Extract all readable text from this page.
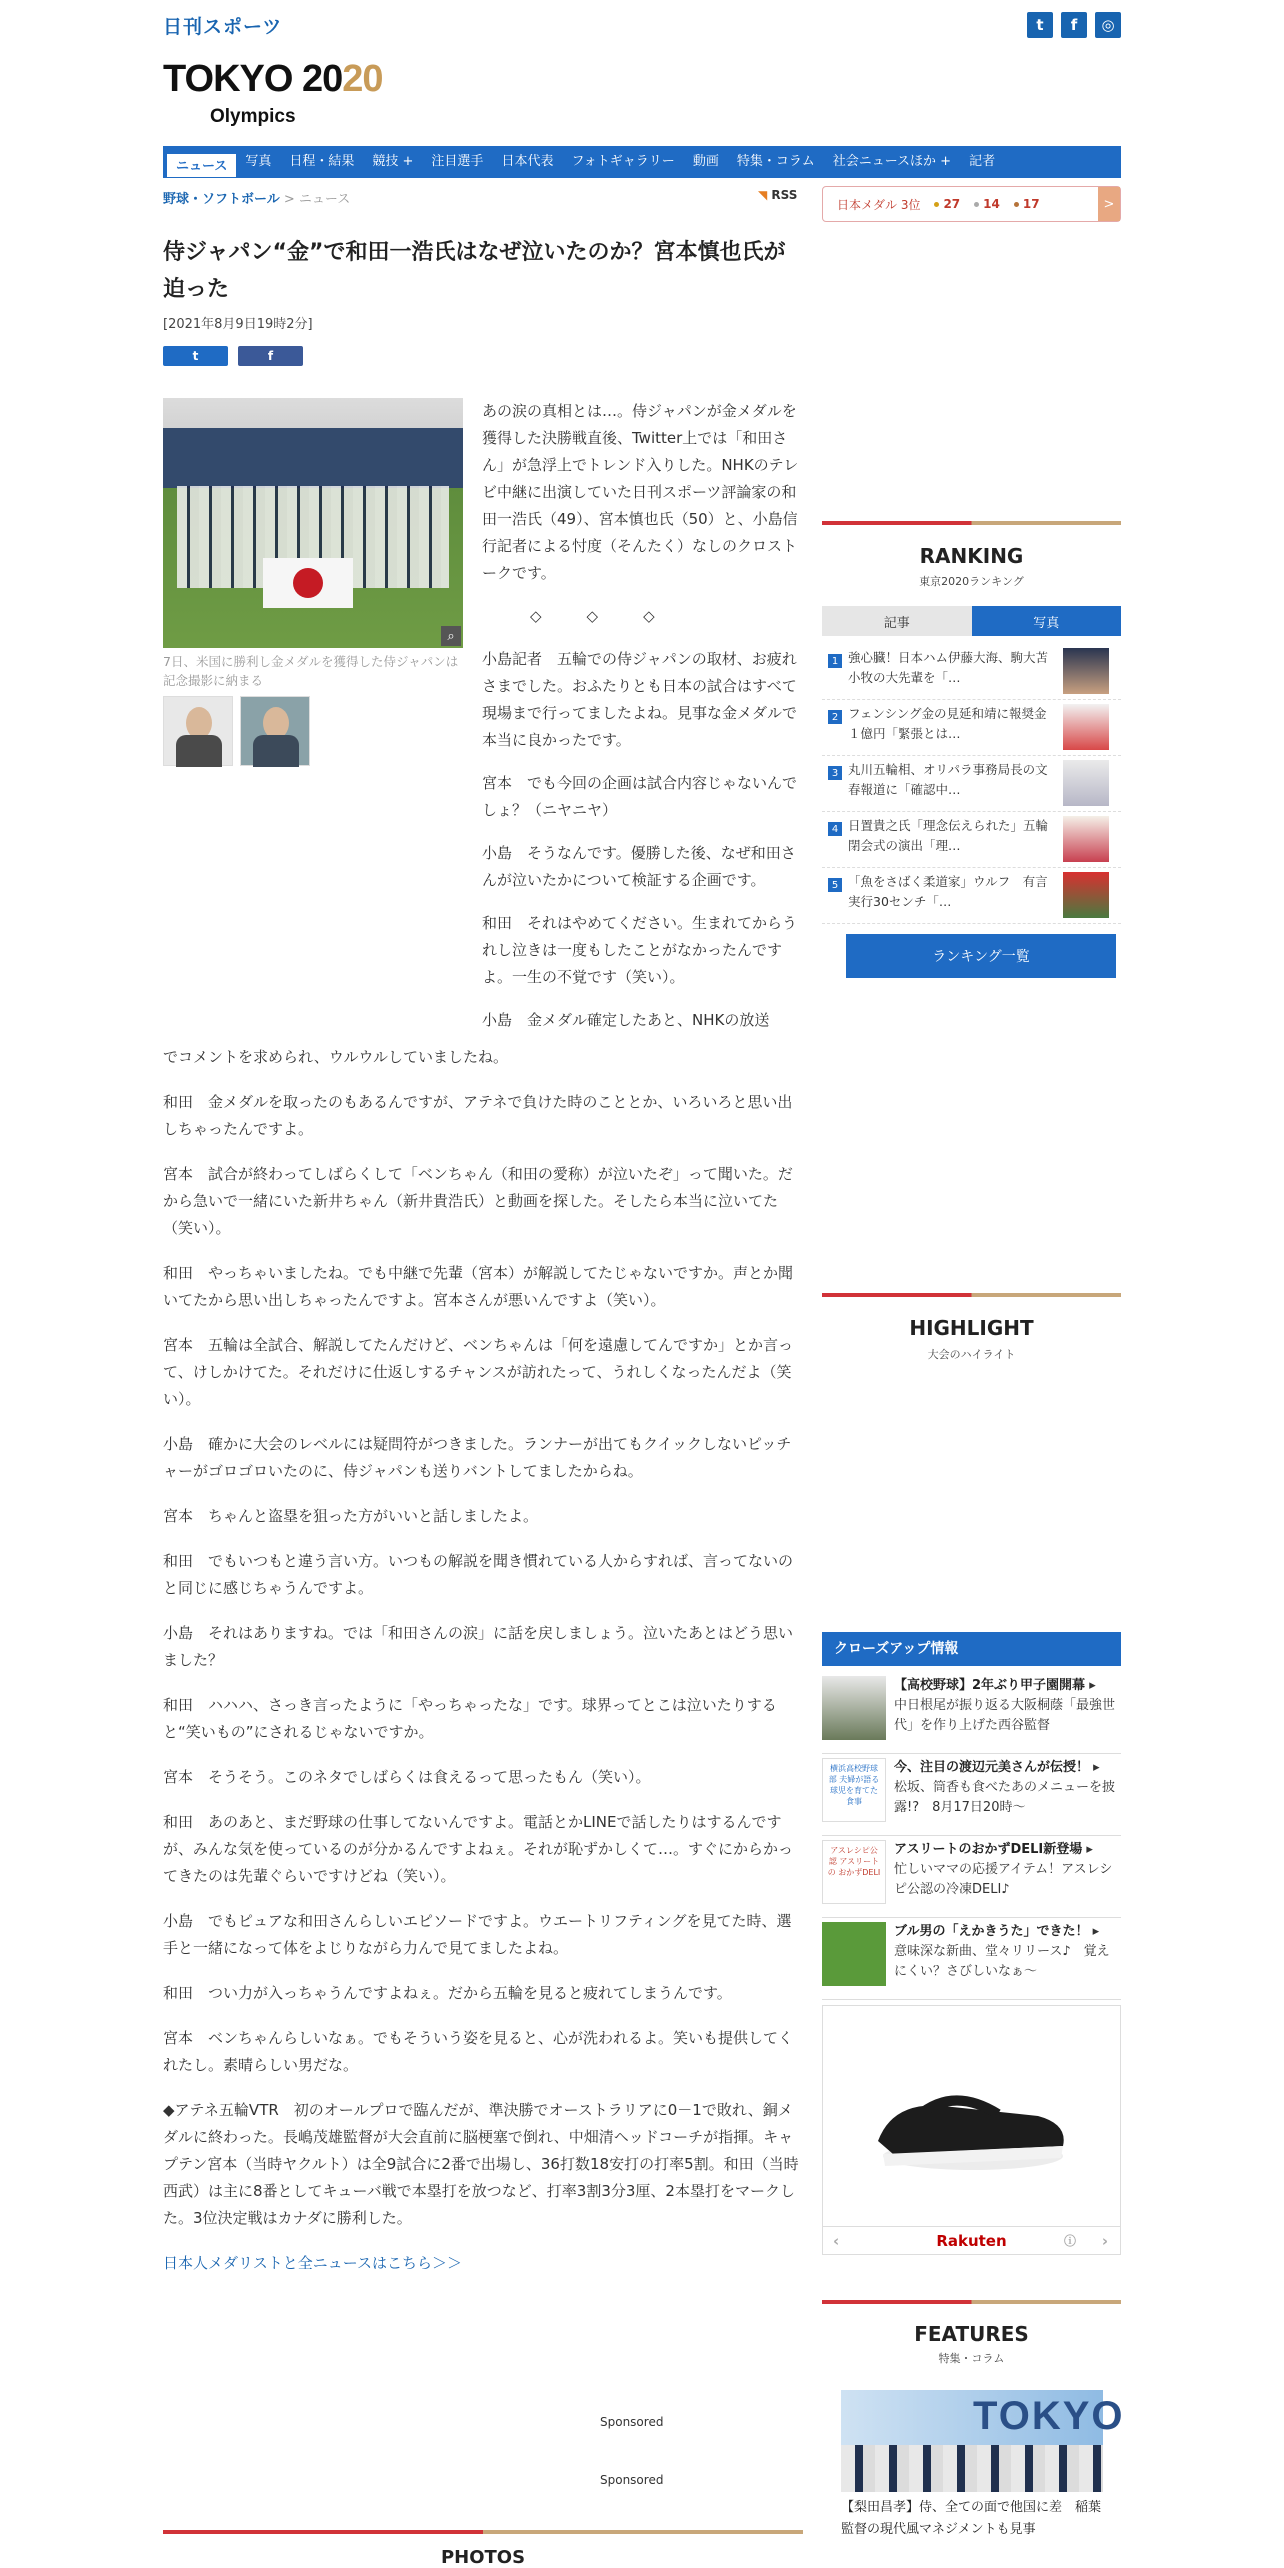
日刊スポーツ	t	f	◎
TOKYO 2020
Olympics
ニュース	写真	日程・結果	競技 +	注目選手	日本代表	フォトギャラリー	動画	特集・コラム	社会ニュースほか +	記者
野球・ソフトボール > ニュース	◥ RSS
日本メダル 3位	27	14	17	>
侍ジャパン“金”で和田一浩氏はなぜ泣いたのか？宮本慎也氏が迫った
[2021年8月9日19時2分]
t	f
⌕
7日、米国に勝利し金メダルを獲得した侍ジャパンは記念撮影に納まる

あの涙の真相とは…。侍ジャパンが金メダルを獲得した決勝戦直後、Twitter上では「和田さん」が急浮上でトレンド入りした。NHKのテレビ中継に出演していた日刊スポーツ評論家の和田一浩氏（49）、宮本慎也氏（50）と、小島信行記者による忖度（そんたく）なしのクロストークです。

◇　　　◇　　　◇

小島記者　五輪での侍ジャパンの取材、お疲れさまでした。おふたりとも日本の試合はすべて現場まで行ってましたよね。見事な金メダルで本当に良かったです。

宮本　でも今回の企画は試合内容じゃないんでしょ？（ニヤニヤ）

小島　そうなんです。優勝した後、なぜ和田さんが泣いたかについて検証する企画です。

和田　それはやめてください。生まれてからうれし泣きは一度もしたことがなかったんですよ。一生の不覚です（笑い）。

小島　金メダル確定したあと、NHKの放送

でコメントを求められ、ウルウルしていましたね。

和田　金メダルを取ったのもあるんですが、アテネで負けた時のこととか、いろいろと思い出しちゃったんですよ。

宮本　試合が終わってしばらくして「ベンちゃん（和田の愛称）が泣いたぞ」って聞いた。だから急いで一緒にいた新井ちゃん（新井貴浩氏）と動画を探した。そしたら本当に泣いてた（笑い）。

和田　やっちゃいましたね。でも中継で先輩（宮本）が解説してたじゃないですか。声とか聞いてたから思い出しちゃったんですよ。宮本さんが悪いんですよ（笑い）。

宮本　五輪は全試合、解説してたんだけど、ベンちゃんは「何を遠慮してんですか」とか言って、けしかけてた。それだけに仕返しするチャンスが訪れたって、うれしくなったんだよ（笑い）。

小島　確かに大会のレベルには疑問符がつきました。ランナーが出てもクイックしないピッチャーがゴロゴロいたのに、侍ジャパンも送りバントしてましたからね。

宮本　ちゃんと盗塁を狙った方がいいと話しましたよ。

和田　でもいつもと違う言い方。いつもの解説を聞き慣れている人からすれば、言ってないのと同じに感じちゃうんですよ。

小島　それはありますね。では「和田さんの涙」に話を戻しましょう。泣いたあとはどう思いました？

和田　ハハハ、さっき言ったように「やっちゃったな」です。球界ってとこは泣いたりすると“笑いもの”にされるじゃないですか。

宮本　そうそう。このネタでしばらくは食えるって思ったもん（笑い）。

和田　あのあと、まだ野球の仕事してないんですよ。電話とかLINEで話したりはするんですが、みんな気を使っているのが分かるんですよねぇ。それが恥ずかしくて…。すぐにからかってきたのは先輩ぐらいですけどね（笑い）。

小島　でもピュアな和田さんらしいエピソードですよ。ウエートリフティングを見てた時、選手と一緒になって体をよじりながら力んで見てましたよね。

和田　つい力が入っちゃうんですよねぇ。だから五輪を見ると疲れてしまうんです。

宮本　ベンちゃんらしいなぁ。でもそういう姿を見ると、心が洗われるよ。笑いも提供してくれたし。素晴らしい男だな。

◆アテネ五輪VTR　初のオールプロで臨んだが、準決勝でオーストラリアに0－1で敗れ、銅メダルに終わった。長嶋茂雄監督が大会直前に脳梗塞で倒れ、中畑清ヘッドコーチが指揮。キャプテン宮本（当時ヤクルト）は全9試合に2番で出場し、36打数18安打の打率5割。和田（当時西武）は主に8番としてキューバ戦で本塁打を放つなど、打率3割3分3厘、2本塁打をマークした。3位決定戦はカナダに勝利した。

日本人メダリストと全ニュースはこちら＞＞
Sponsored
Sponsored
PHOTOS
RANKING
東京2020ランキング
記事	写真
1 強心臓！日本ハム伊藤大海、駒大苫小牧の大先輩を「…
2 フェンシング金の見延和靖に報奨金１億円「緊張とは…
3 丸川五輪相、オリパラ事務局長の文春報道に「確認中…
4 日置貴之氏「理念伝えられた」五輪閉会式の演出「理…
5 「魚をさばく柔道家」ウルフ　有言実行30センチ「…
ランキング一覧
HIGHLIGHT
大会のハイライト
クローズアップ情報
【高校野球】2年ぶり甲子園開幕 ▸
中日根尾が振り返る大阪桐蔭「最強世代」を作り上げた西谷監督
横浜高校野球部 夫婦が語る 球児を育てた食事
今、注目の渡辺元美さんが伝授！ ▸
松坂、筒香も食べたあのメニューを披露!?　8月17日20時～
アスレシピ公認 アスリートの おかずDELI
アスリートのおかずDELI新登場 ▸
忙しいママの応援アイテム！アスレシピ公認の冷凍DELI♪
ブル男の「えかきうた」できた！ ▸
意味深な新曲、堂々リリース♪　覚えにくい？さびしいなぁ～
‹	Rakuten	ⓘ ›
FEATURES
特集・コラム
TOKYO
【梨田昌孝】侍、全ての面で他国に差　稲葉監督の現代風マネジメントも見事
